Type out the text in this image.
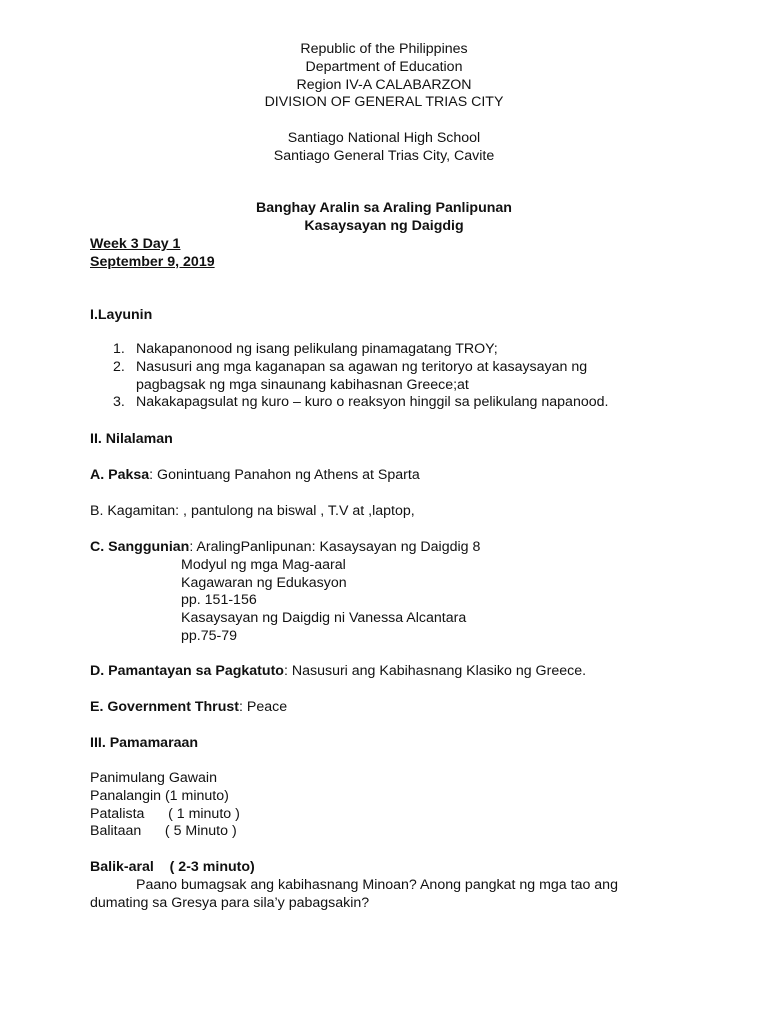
Republic of the Philippines
Department of Education
Region IV-A CALABARZON
DIVISION OF GENERAL TRIAS CITY
Santiago National High School
Santiago General Trias City, Cavite
Banghay Aralin sa Araling Panlipunan
Kasaysayan ng Daigdig
Week 3 Day 1
September 9, 2019
I.Layunin
1. Nakapanonood ng isang pelikulang pinamagatang TROY;
2. Nasusuri ang mga kaganapan sa agawan ng teritoryo at kasaysayan ng
pagbagsak ng mga sinaunang kabihasnan Greece;at
3. Nakakapagsulat ng kuro – kuro o reaksyon hinggil sa pelikulang napanood.
II. Nilalaman
A. Paksa: Gonintuang Panahon ng Athens at Sparta
B. Kagamitan: , pantulong na biswal , T.V at ,laptop,
C. Sanggunian: AralingPanlipunan: Kasaysayan ng Daigdig 8
Modyul ng mga Mag-aaral
Kagawaran ng Edukasyon
pp. 151-156
Kasaysayan ng Daigdig ni Vanessa Alcantara
pp.75-79
D. Pamantayan sa Pagkatuto: Nasusuri ang Kabihasnang Klasiko ng Greece.
E. Government Thrust: Peace
III. Pamamaraan
Panimulang Gawain
Panalangin (1 minuto)
Patalista      ( 1 minuto )
Balitaan      ( 5 Minuto )
Balik-aral    ( 2-3 minuto)
Paano bumagsak ang kabihasnang Minoan? Anong pangkat ng mga tao ang
dumating sa Gresya para sila’y pabagsakin?
